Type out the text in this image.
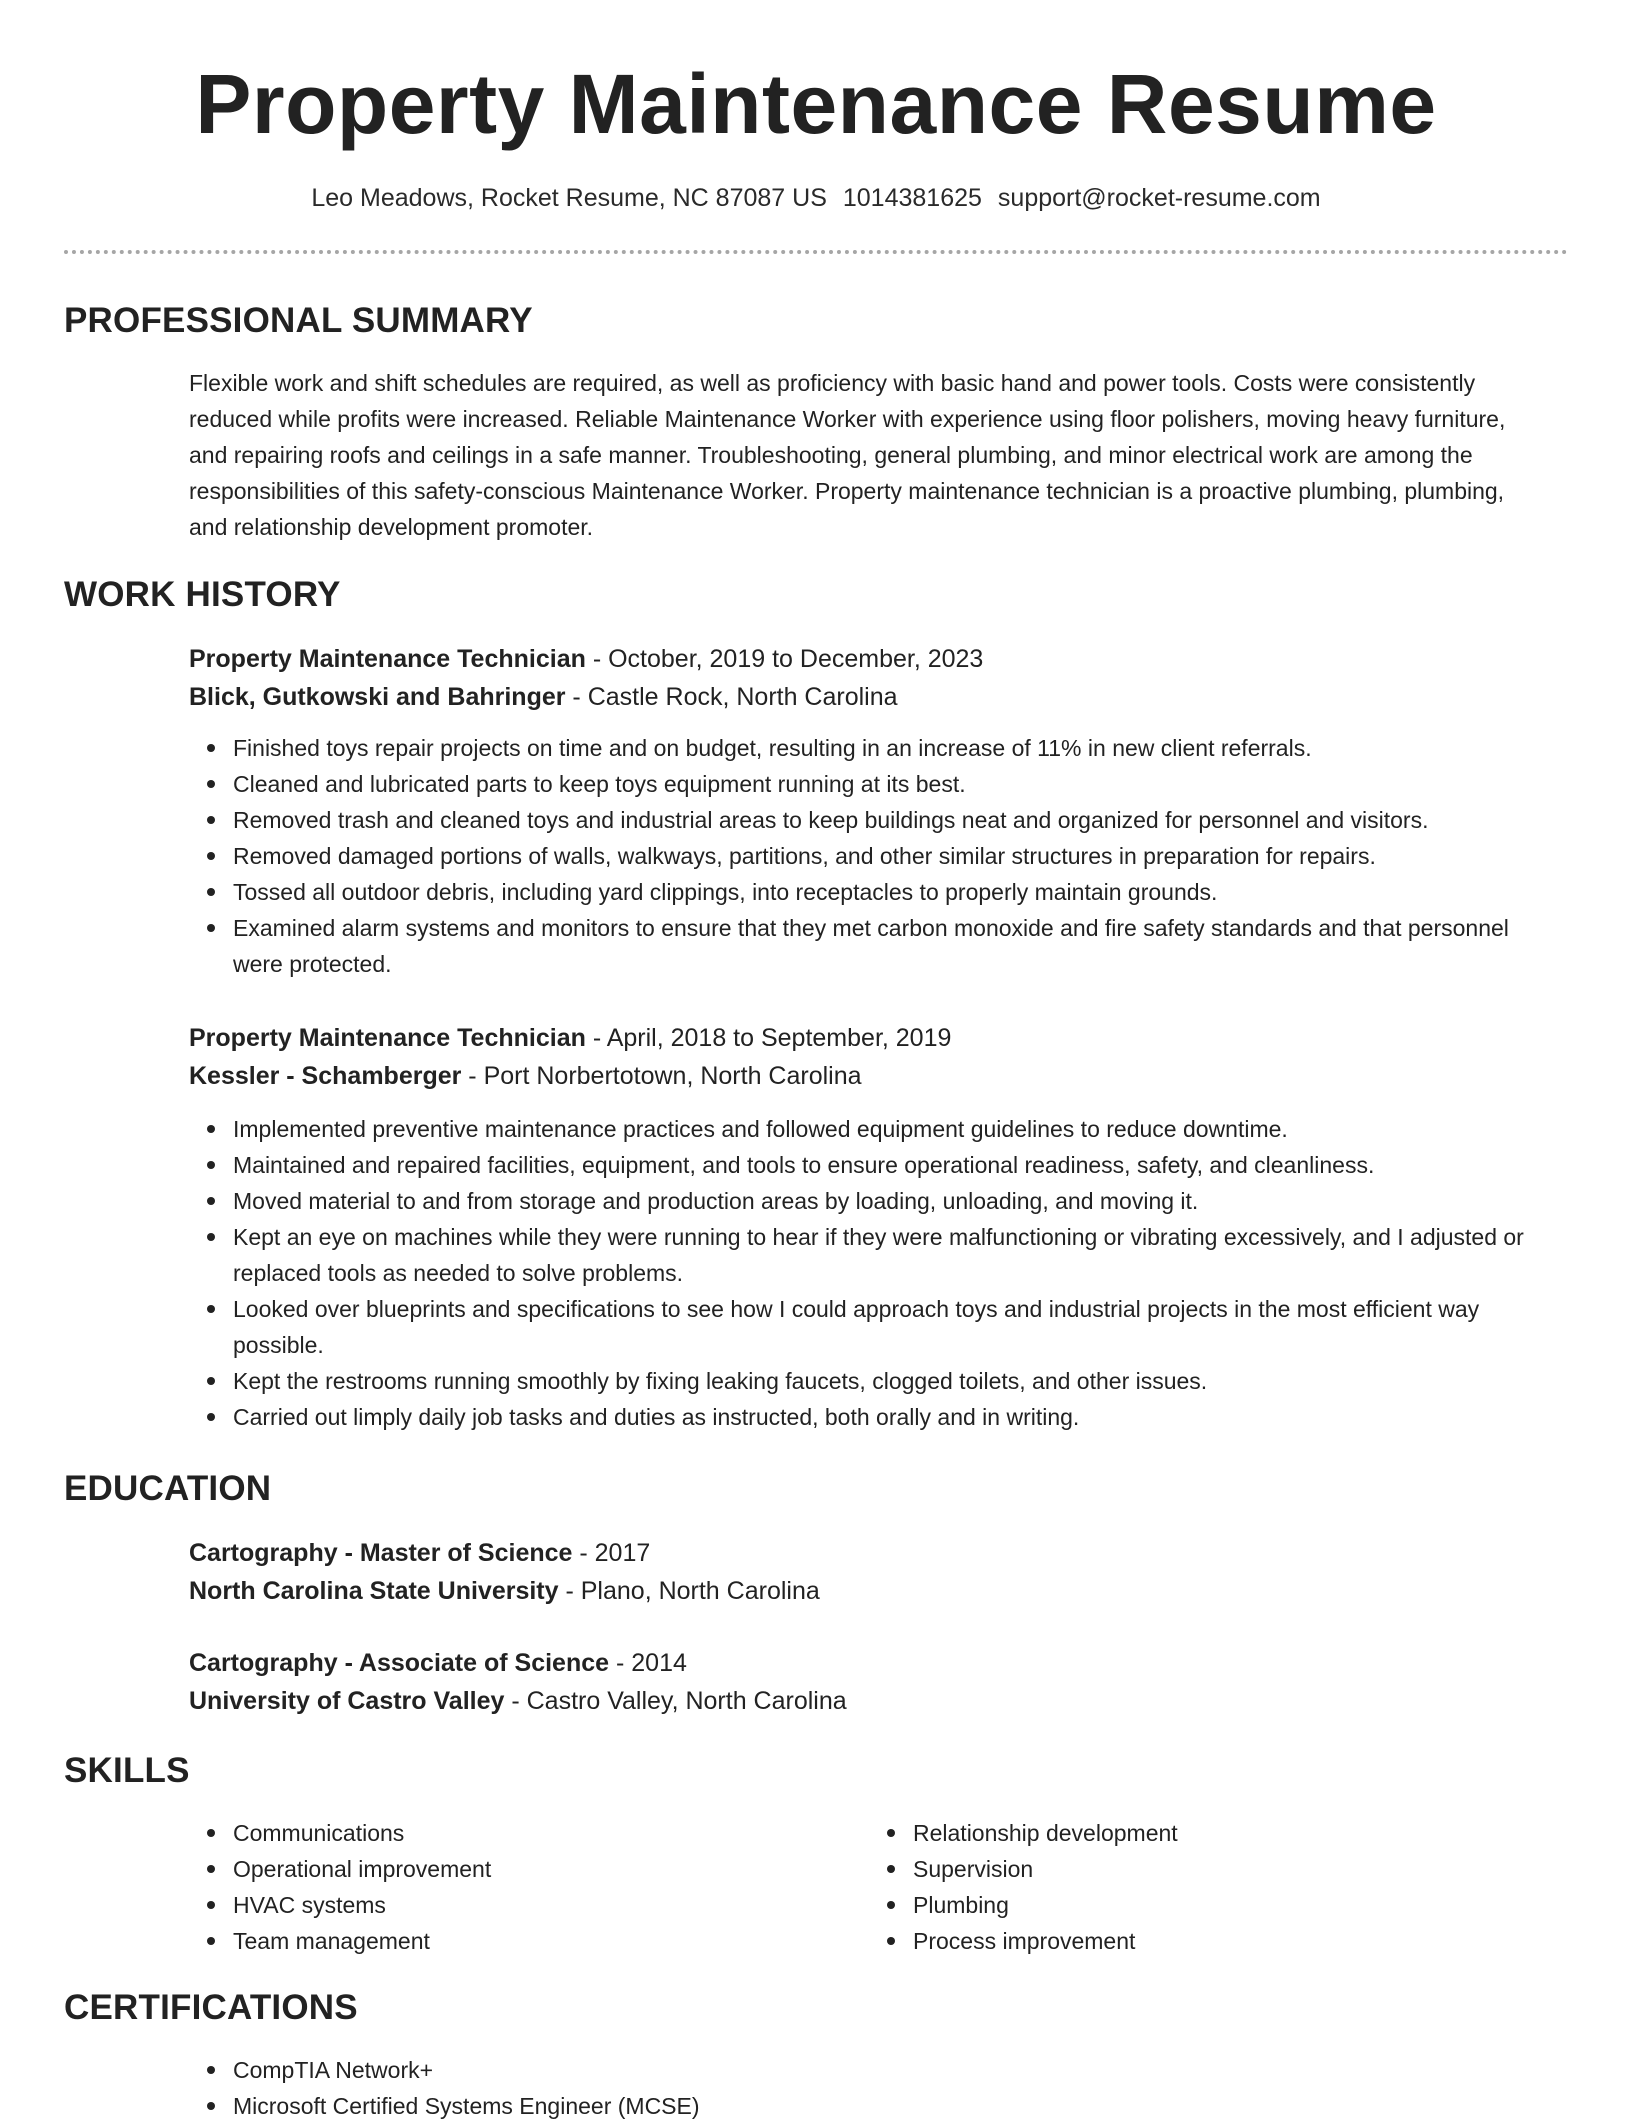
Property Maintenance Resume
Leo Meadows, Rocket Resume, NC 87087 US 1014381625 support@rocket-resume.com
PROFESSIONAL SUMMARY

Flexible work and shift schedules are required, as well as proficiency with basic hand and power tools. Costs were consistently reduced while profits were increased. Reliable Maintenance Worker with experience using floor polishers, moving heavy furniture, and repairing roofs and ceilings in a safe manner. Troubleshooting, general plumbing, and minor electrical work are among the responsibilities of this safety-conscious Maintenance Worker. Property maintenance technician is a proactive plumbing, plumbing, and relationship development promoter.

WORK HISTORY
Property Maintenance Technician - October, 2019 to December, 2023
Blick, Gutkowski and Bahringer - Castle Rock, North Carolina
Finished toys repair projects on time and on budget, resulting in an increase of 11% in new client referrals.
Cleaned and lubricated parts to keep toys equipment running at its best.
Removed trash and cleaned toys and industrial areas to keep buildings neat and organized for personnel and visitors.
Removed damaged portions of walls, walkways, partitions, and other similar structures in preparation for repairs.
Tossed all outdoor debris, including yard clippings, into receptacles to properly maintain grounds.
Examined alarm systems and monitors to ensure that they met carbon monoxide and fire safety standards and that personnel were protected.
Property Maintenance Technician - April, 2018 to September, 2019
Kessler - Schamberger - Port Norbertotown, North Carolina
Implemented preventive maintenance practices and followed equipment guidelines to reduce downtime.
Maintained and repaired facilities, equipment, and tools to ensure operational readiness, safety, and cleanliness.
Moved material to and from storage and production areas by loading, unloading, and moving it.
Kept an eye on machines while they were running to hear if they were malfunctioning or vibrating excessively, and I adjusted or replaced tools as needed to solve problems.
Looked over blueprints and specifications to see how I could approach toys and industrial projects in the most efficient way possible.
Kept the restrooms running smoothly by fixing leaking faucets, clogged toilets, and other issues.
Carried out limply daily job tasks and duties as instructed, both orally and in writing.
EDUCATION
Cartography - Master of Science - 2017
North Carolina State University - Plano, North Carolina
Cartography - Associate of Science - 2014
University of Castro Valley - Castro Valley, North Carolina
SKILLS
Communications
Operational improvement
HVAC systems
Team management
Relationship development
Supervision
Plumbing
Process improvement
CERTIFICATIONS
CompTIA Network+
Microsoft Certified Systems Engineer (MCSE)
